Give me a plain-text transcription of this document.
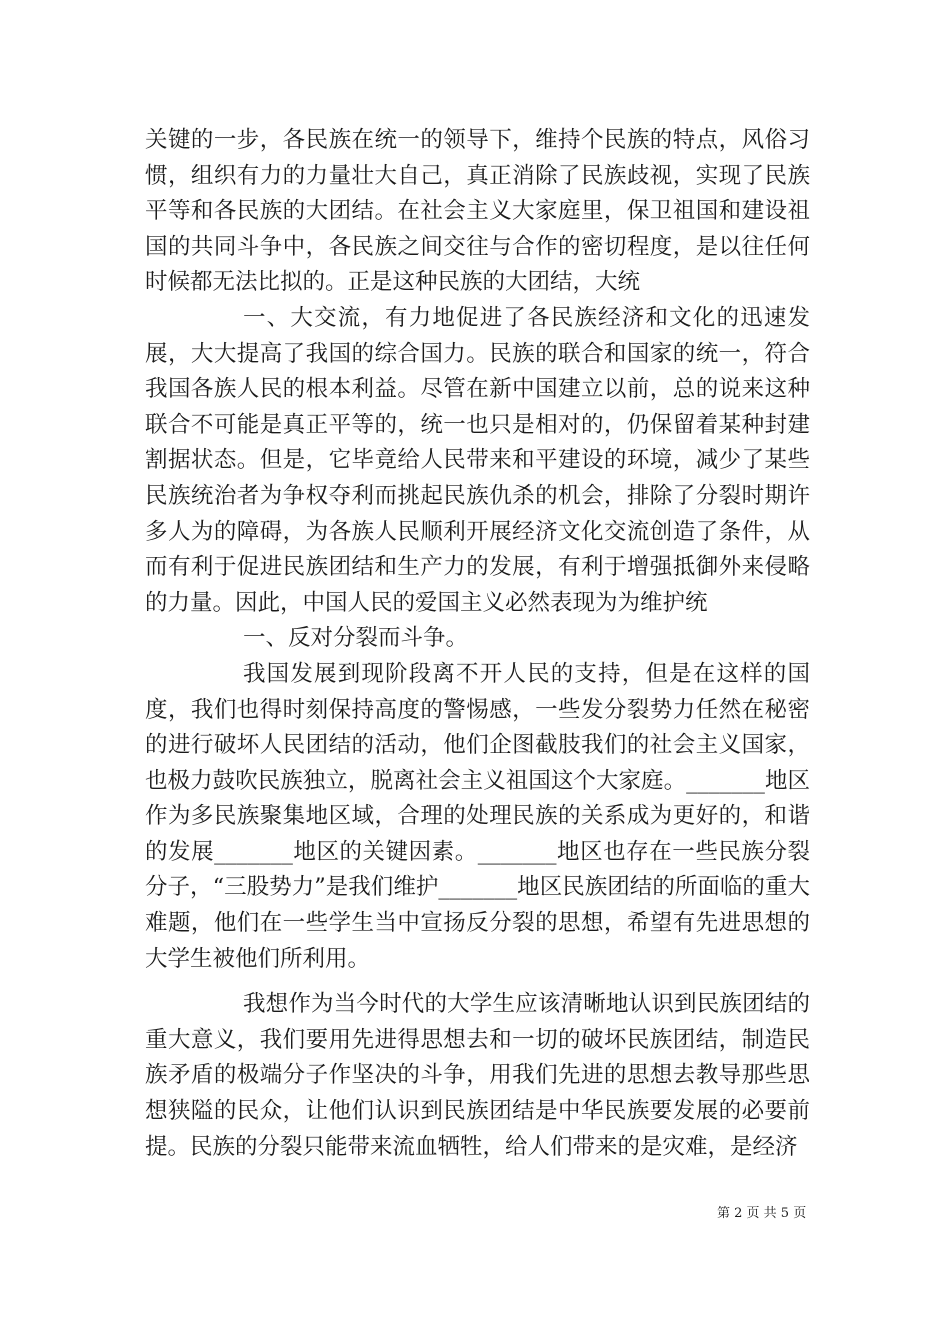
关键的一步，各民族在统一的领导下，维持个民族的特点，风俗习惯，组织有力的力量壮大自己，真正消除了民族歧视，实现了民族平等和各民族的大团结。在社会主义大家庭里，保卫祖国和建设祖国的共同斗争中，各民族之间交往与合作的密切程度，是以往任何时候都无法比拟的。正是这种民族的大团结，大统

一、大交流，有力地促进了各民族经济和文化的迅速发展，大大提高了我国的综合国力。民族的联合和国家的统一，符合我国各族人民的根本利益。尽管在新中国建立以前，总的说来这种联合不可能是真正平等的，统一也只是相对的，仍保留着某种封建割据状态。但是，它毕竟给人民带来和平建设的环境，减少了某些民族统治者为争权夺利而挑起民族仇杀的机会，排除了分裂时期许多人为的障碍，为各族人民顺利开展经济文化交流创造了条件，从而有利于促进民族团结和生产力的发展，有利于增强抵御外来侵略的力量。因此，中国人民的爱国主义必然表现为为维护统

一、反对分裂而斗争。

我国发展到现阶段离不开人民的支持，但是在这样的国度，我们也得时刻保持高度的警惕感，一些发分裂势力任然在秘密的进行破坏人民团结的活动，他们企图截肢我们的社会主义国家，也极力鼓吹民族独立，脱离社会主义祖国这个大家庭。_______地区作为多民族聚集地区域，合理的处理民族的关系成为更好的，和谐的发展_______地区的关键因素。_______地区也存在一些民族分裂分子，“三股势力”是我们维护_______地区民族团结的所面临的重大难题，他们在一些学生当中宣扬反分裂的思想，希望有先进思想的大学生被他们所利用。

我想作为当今时代的大学生应该清晰地认识到民族团结的重大意义，我们要用先进得思想去和一切的破坏民族团结，制造民族矛盾的极端分子作坚决的斗争，用我们先进的思想去教导那些思想狭隘的民众，让他们认识到民族团结是中华民族要发展的必要前提。民族的分裂只能带来流血牺牲，给人们带来的是灾难，是经济

第 2 页 共 5 页
